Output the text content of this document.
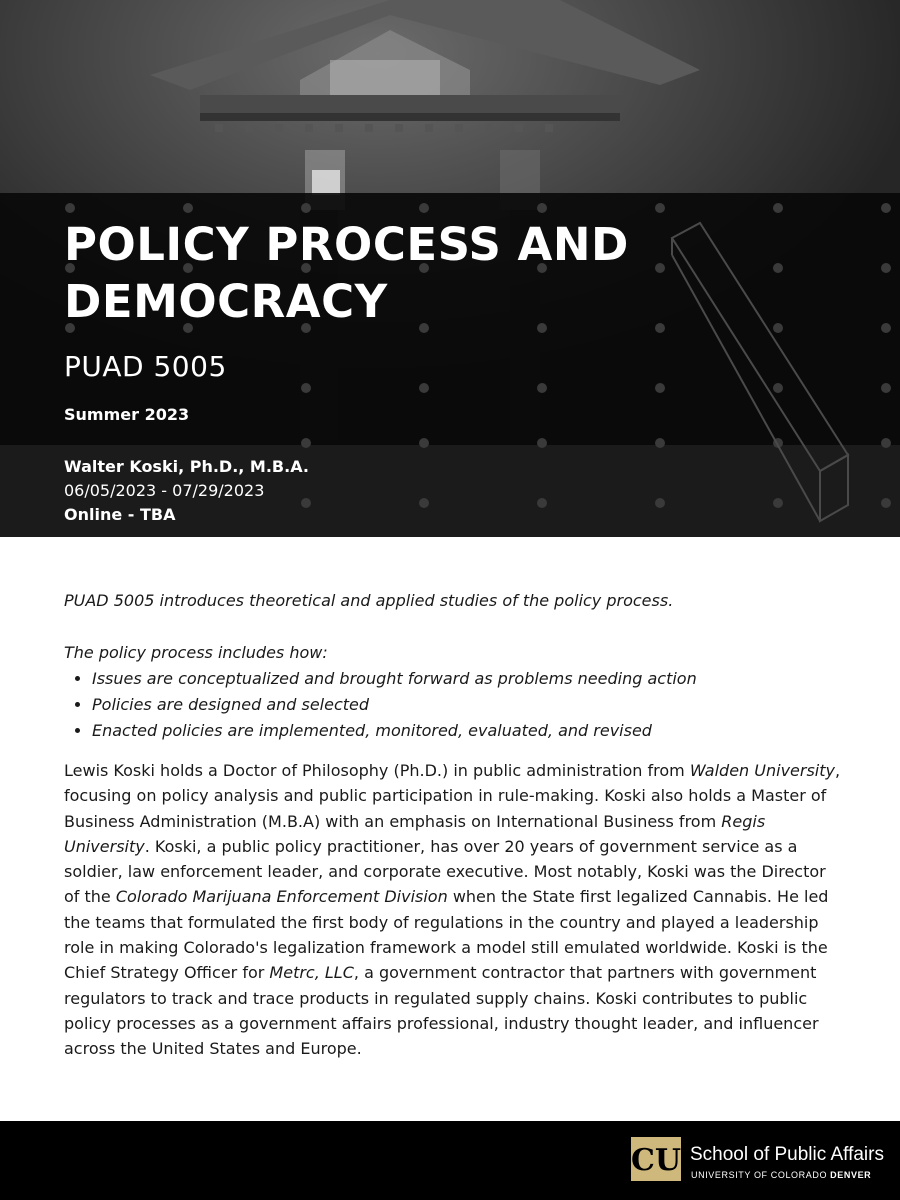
POLICY PROCESS AND
DEMOCRACY
PUAD 5005
Summer 2023
Walter Koski, Ph.D., M.B.A.
06/05/2023 - 07/29/2023
Online - TBA

PUAD 5005 introduces theoretical and applied studies of the policy process.

The policy process includes how:

• Issues are conceptualized and brought forward as problems needing action
• Policies are designed and selected
• Enacted policies are implemented, monitored, evaluated, and revised

Lewis Koski holds a Doctor of Philosophy (Ph.D.) in public administration from Walden University, focusing on policy analysis and public participation in rule-making. Koski also holds a Master of Business Administration (M.B.A) with an emphasis on International Business from Regis University. Koski, a public policy practitioner, has over 20 years of government service as a soldier, law enforcement leader, and corporate executive. Most notably, Koski was the Director of the Colorado Marijuana Enforcement Division when the State first legalized Cannabis. He led the teams that formulated the first body of regulations in the country and played a leadership role in making Colorado's legalization framework a model still emulated worldwide. Koski is the Chief Strategy Officer for Metrc, LLC, a government contractor that partners with government regulators to track and trace products in regulated supply chains. Koski contributes to public policy processes as a government affairs professional, industry thought leader, and influencer across the United States and Europe.

CU School of Public Affairs
UNIVERSITY OF COLORADO DENVER
